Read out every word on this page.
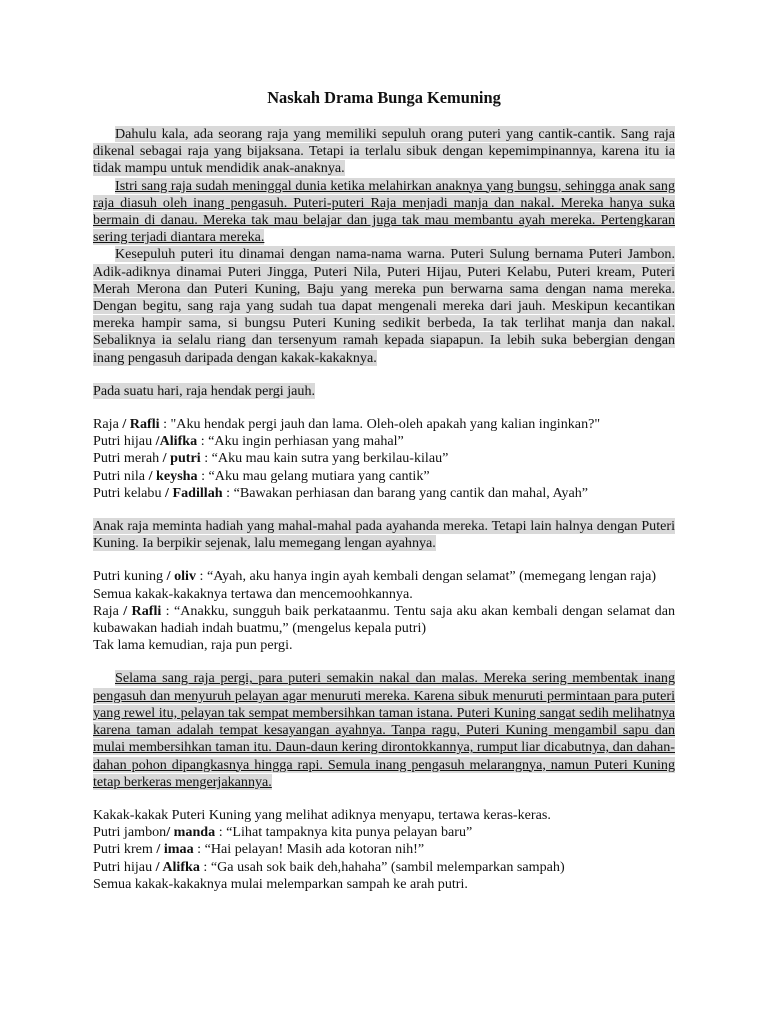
Naskah Drama Bunga Kemuning

Dahulu kala, ada seorang raja yang memiliki sepuluh orang puteri yang cantik-cantik. Sang raja dikenal sebagai raja yang bijaksana. Tetapi ia terlalu sibuk dengan kepemimpinannya, karena itu ia tidak mampu untuk mendidik anak-anaknya.

Istri sang raja sudah meninggal dunia ketika melahirkan anaknya yang bungsu, sehingga anak sang raja diasuh oleh inang pengasuh. Puteri-puteri Raja menjadi manja dan nakal. Mereka hanya suka bermain di danau. Mereka tak mau belajar dan juga tak mau membantu ayah mereka. Pertengkaran sering terjadi diantara mereka.

Kesepuluh puteri itu dinamai dengan nama-nama warna. Puteri Sulung bernama Puteri Jambon. Adik-adiknya dinamai Puteri Jingga, Puteri Nila, Puteri Hijau, Puteri Kelabu, Puteri kream, Puteri Merah Merona dan Puteri Kuning, Baju yang mereka pun berwarna sama dengan nama mereka. Dengan begitu, sang raja yang sudah tua dapat mengenali mereka dari jauh. Meskipun kecantikan mereka hampir sama, si bungsu Puteri Kuning sedikit berbeda, Ia tak terlihat manja dan nakal. Sebaliknya ia selalu riang dan tersenyum ramah kepada siapapun. Ia lebih suka bebergian dengan inang pengasuh daripada dengan kakak-kakaknya.

Pada suatu hari, raja hendak pergi jauh.

Raja / Rafli : "Aku hendak pergi jauh dan lama. Oleh-oleh apakah yang kalian inginkan?"

Putri hijau /Alifka : “Aku ingin perhiasan yang mahal”

Putri merah / putri : “Aku mau kain sutra yang berkilau-kilau”

Putri nila / keysha : “Aku mau gelang mutiara yang cantik”

Putri kelabu / Fadillah : “Bawakan perhiasan dan barang yang cantik dan mahal, Ayah”

Anak raja meminta hadiah yang mahal-mahal pada ayahanda mereka. Tetapi lain halnya dengan Puteri Kuning. Ia berpikir sejenak, lalu memegang lengan ayahnya.

Putri kuning / oliv : “Ayah, aku hanya ingin ayah kembali dengan selamat” (memegang lengan raja)

Semua kakak-kakaknya tertawa dan mencemoohkannya.

Raja / Rafli : “Anakku, sungguh baik perkataanmu. Tentu saja aku akan kembali dengan selamat dan kubawakan hadiah indah buatmu,” (mengelus kepala putri)

Tak lama kemudian, raja pun pergi.

Selama sang raja pergi, para puteri semakin nakal dan malas. Mereka sering membentak inang pengasuh dan menyuruh pelayan agar menuruti mereka. Karena sibuk menuruti permintaan para puteri yang rewel itu, pelayan tak sempat membersihkan taman istana. Puteri Kuning sangat sedih melihatnya karena taman adalah tempat kesayangan ayahnya. Tanpa ragu, Puteri Kuning mengambil sapu dan mulai membersihkan taman itu. Daun-daun kering dirontokkannya, rumput liar dicabutnya, dan dahan-dahan pohon dipangkasnya hingga rapi. Semula inang pengasuh melarangnya, namun Puteri Kuning tetap berkeras mengerjakannya.

Kakak-kakak Puteri Kuning yang melihat adiknya menyapu, tertawa keras-keras.

Putri jambon/ manda : “Lihat tampaknya kita punya pelayan baru”

Putri krem / imaa : “Hai pelayan! Masih ada kotoran nih!”

Putri hijau / Alifka : “Ga usah sok baik deh,hahaha” (sambil melemparkan sampah)

Semua kakak-kakaknya mulai melemparkan sampah ke arah putri.
